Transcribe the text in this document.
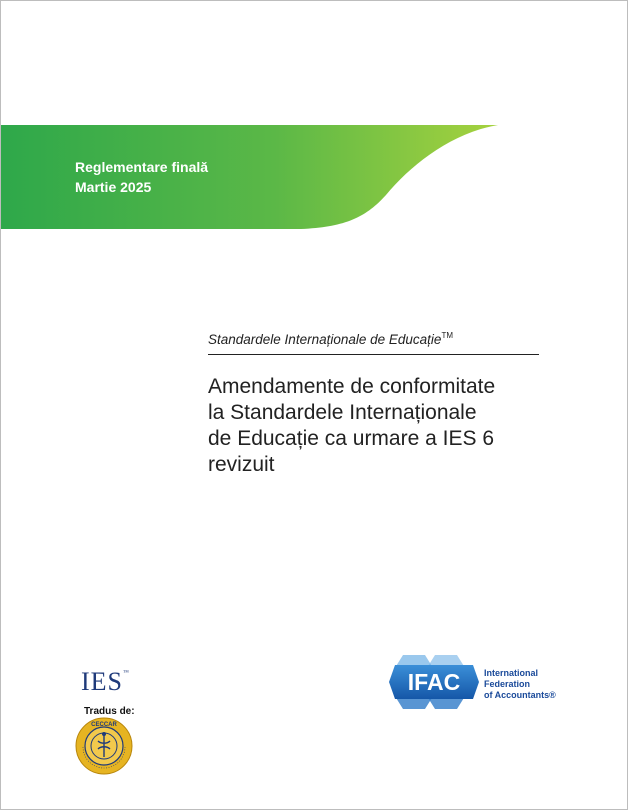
Reglementare finală
Martie 2025
Standardele Internaționale de Educație™
Amendamente de conformitate
la Standardele Internaționale
de Educație ca urmare a IES 6
revizuit
IES™
Tradus de:
CECCAR
IFAC	International
Federation
of Accountants®
